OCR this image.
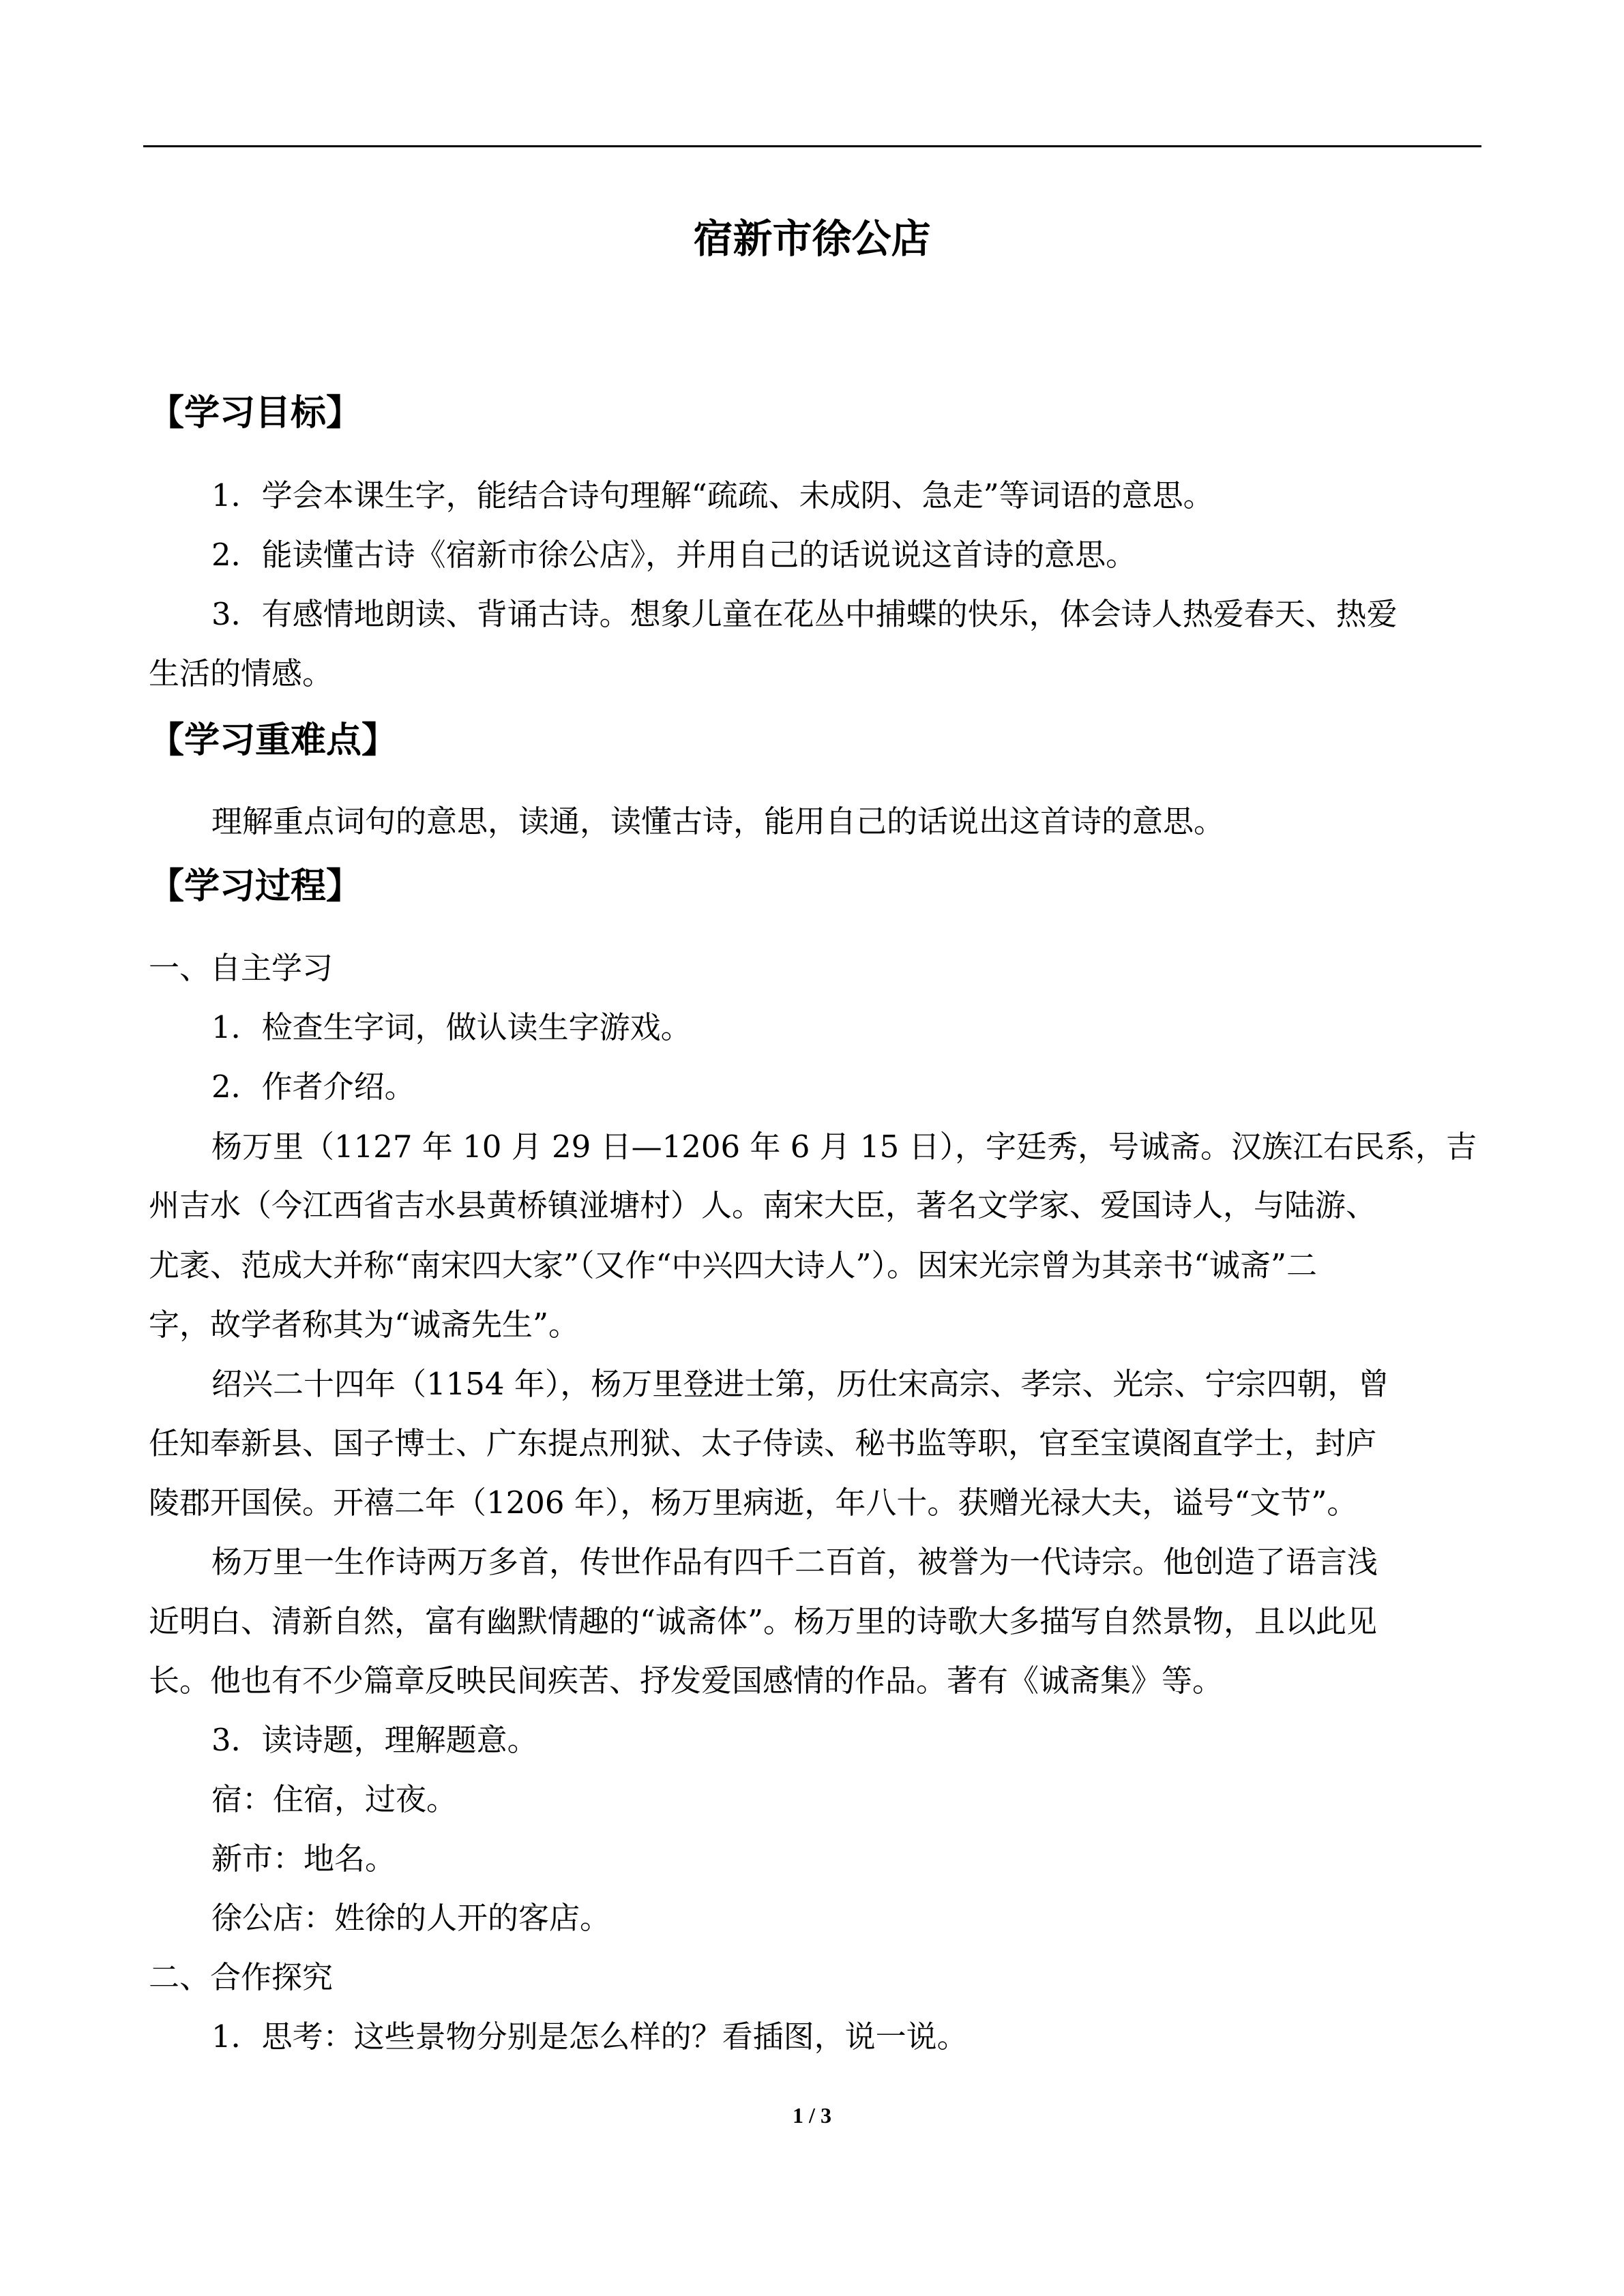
宿新市徐公店
【学习目标】
1．学会本课生字，能结合诗句理解“疏疏、未成阴、急走”等词语的意思。
2．能读懂古诗《宿新市徐公店》，并用自己的话说说这首诗的意思。
3．有感情地朗读、背诵古诗。想象儿童在花丛中捕蝶的快乐，体会诗人热爱春天、热爱
生活的情感。
【学习重难点】
理解重点词句的意思，读通，读懂古诗，能用自己的话说出这首诗的意思。
【学习过程】
一、自主学习
1．检查生字词，做认读生字游戏。
2．作者介绍。
杨万里（1127 年 10 月 29 日—1206 年 6 月 15 日），字廷秀，号诚斋。汉族江右民系，吉
州吉水（今江西省吉水县黄桥镇湴塘村）人。南宋大臣，著名文学家、爱国诗人，与陆游、
尤袤、范成大并称“南宋四大家”（又作“中兴四大诗人”）。因宋光宗曾为其亲书“诚斋”二
字，故学者称其为“诚斋先生”。
绍兴二十四年（1154 年），杨万里登进士第，历仕宋高宗、孝宗、光宗、宁宗四朝，曾
任知奉新县、国子博士、广东提点刑狱、太子侍读、秘书监等职，官至宝谟阁直学士，封庐
陵郡开国侯。开禧二年（1206 年），杨万里病逝，年八十。获赠光禄大夫，谥号“文节”。
杨万里一生作诗两万多首，传世作品有四千二百首，被誉为一代诗宗。他创造了语言浅
近明白、清新自然，富有幽默情趣的“诚斋体”。杨万里的诗歌大多描写自然景物，且以此见
长。他也有不少篇章反映民间疾苦、抒发爱国感情的作品。著有《诚斋集》等。
3．读诗题，理解题意。
宿：住宿，过夜。
新市：地名。
徐公店：姓徐的人开的客店。
二、合作探究
1．思考：这些景物分别是怎么样的？看插图，说一说。
1 / 3
